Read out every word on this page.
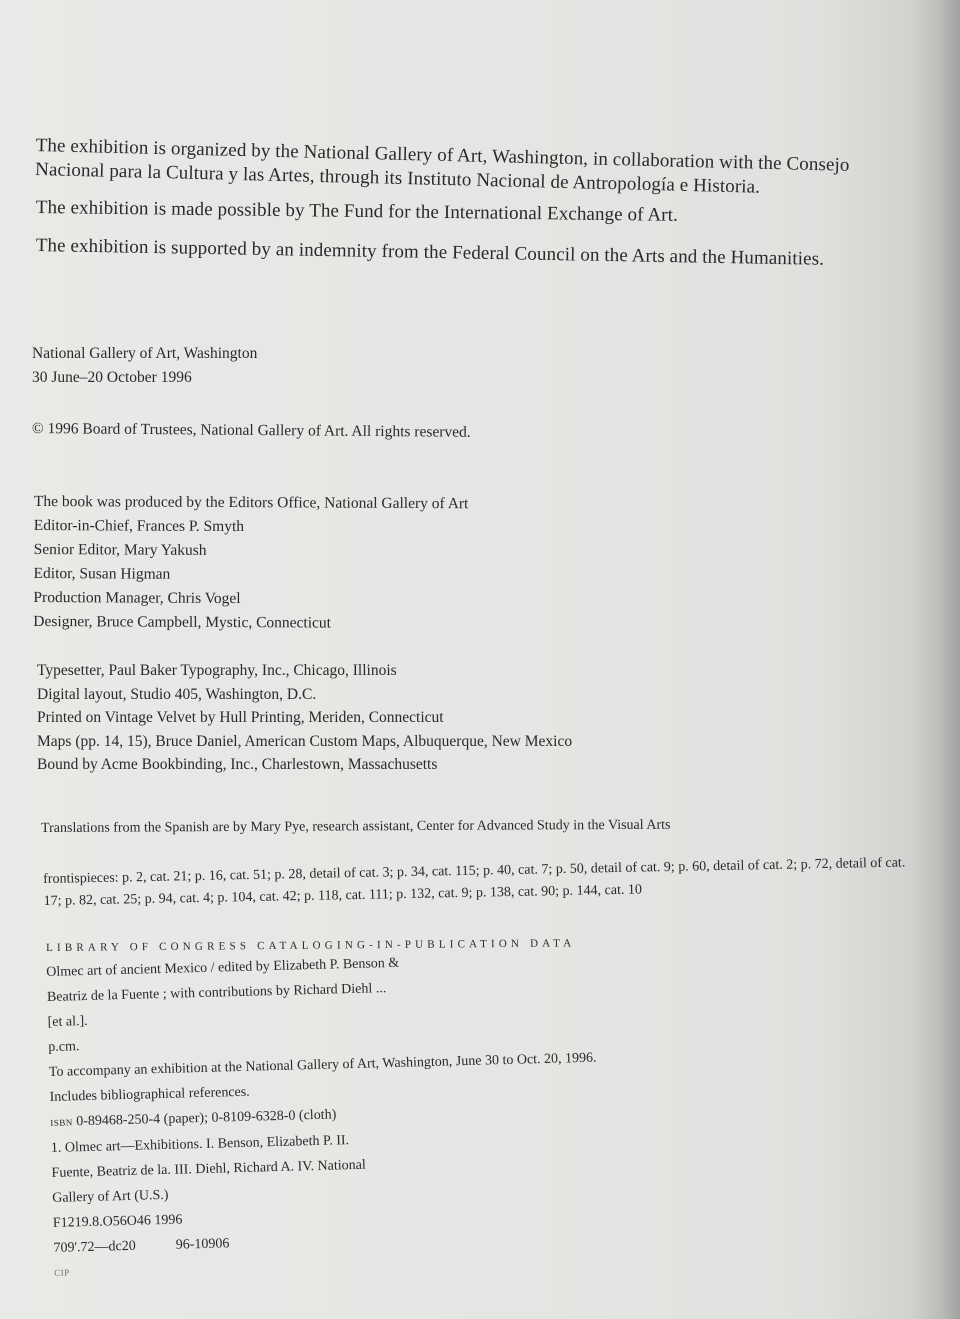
The exhibition is organized by the National Gallery of Art, Washington, in collaboration with the Consejo Nacional para la Cultura y las Artes, through its Instituto Nacional de Antropología e Historia.

The exhibition is made possible by The Fund for the International Exchange of Art.

The exhibition is supported by an indemnity from the Federal Council on the Arts and the Humanities.

National Gallery of Art, Washington
30 June–20 October 1996
© 1996 Board of Trustees, National Gallery of Art. All rights reserved.
The book was produced by the Editors Office, National Gallery of Art
Editor-in-Chief, Frances P. Smyth
Senior Editor, Mary Yakush
Editor, Susan Higman
Production Manager, Chris Vogel
Designer, Bruce Campbell, Mystic, Connecticut
Typesetter, Paul Baker Typography, Inc., Chicago, Illinois
Digital layout, Studio 405, Washington, D.C.
Printed on Vintage Velvet by Hull Printing, Meriden, Connecticut
Maps (pp. 14, 15), Bruce Daniel, American Custom Maps, Albuquerque, New Mexico
Bound by Acme Bookbinding, Inc., Charlestown, Massachusetts
Translations from the Spanish are by Mary Pye, research assistant, Center for Advanced Study in the Visual Arts
frontispieces: p. 2, cat. 21; p. 16, cat. 51; p. 28, detail of cat. 3; p. 34, cat. 115; p. 40, cat. 7; p. 50, detail of cat. 9; p. 60, detail of cat. 2; p. 72, detail of cat. 17; p. 82, cat. 25; p. 94, cat. 4; p. 104, cat. 42; p. 118, cat. 111; p. 132, cat. 9; p. 138, cat. 90; p. 144, cat. 10
LIBRARY OF CONGRESS CATALOGING-IN-PUBLICATION DATA
Olmec art of ancient Mexico / edited by Elizabeth P. Benson &
Beatriz de la Fuente ; with contributions by Richard Diehl ...
[et al.].
p.cm.
To accompany an exhibition at the National Gallery of Art, Washington, June 30 to Oct. 20, 1996.
Includes bibliographical references.
ISBN 0-89468-250-4 (paper); 0-8109-6328-0 (cloth)
1. Olmec art—Exhibitions. I. Benson, Elizabeth P. II.
Fuente, Beatriz de la. III. Diehl, Richard A. IV. National
Gallery of Art (U.S.)
F1219.8.O56O46 1996
709'.72—dc20	96-10906
CIP
